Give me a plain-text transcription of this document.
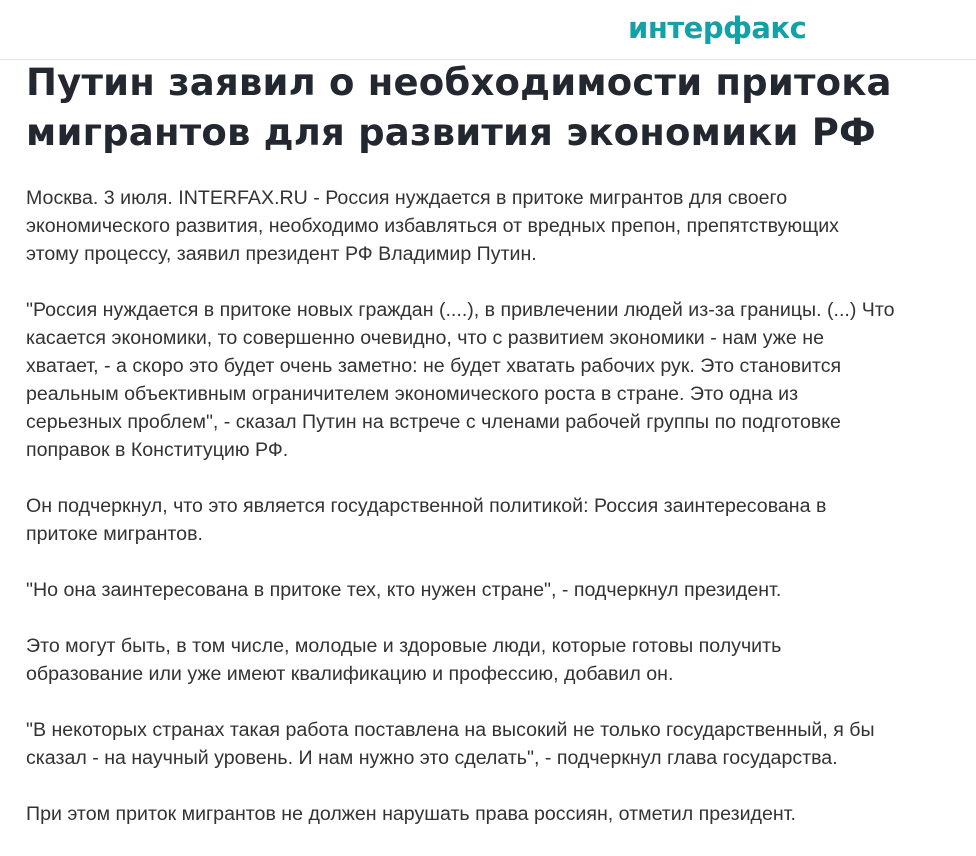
интерфакс
Путин заявил о необходимости притока
мигрантов для развития экономики РФ

Москва. 3 июля. INTERFAX.RU - Россия нуждается в притоке мигрантов для своего
экономического развития, необходимо избавляться от вредных препон, препятствующих
этому процессу, заявил президент РФ Владимир Путин.

"Россия нуждается в притоке новых граждан (....), в привлечении людей из-за границы. (...) Что
касается экономики, то совершенно очевидно, что с развитием экономики - нам уже не
хватает, - а скоро это будет очень заметно: не будет хватать рабочих рук. Это становится
реальным объективным ограничителем экономического роста в стране. Это одна из
серьезных проблем", - сказал Путин на встрече с членами рабочей группы по подготовке
поправок в Конституцию РФ.

Он подчеркнул, что это является государственной политикой: Россия заинтересована в
притоке мигрантов.

"Но она заинтересована в притоке тех, кто нужен стране", - подчеркнул президент.

Это могут быть, в том числе, молодые и здоровые люди, которые готовы получить
образование или уже имеют квалификацию и профессию, добавил он.

"В некоторых странах такая работа поставлена на высокий не только государственный, я бы
сказал - на научный уровень. И нам нужно это сделать", - подчеркнул глава государства.

При этом приток мигрантов не должен нарушать права россиян, отметил президент.
